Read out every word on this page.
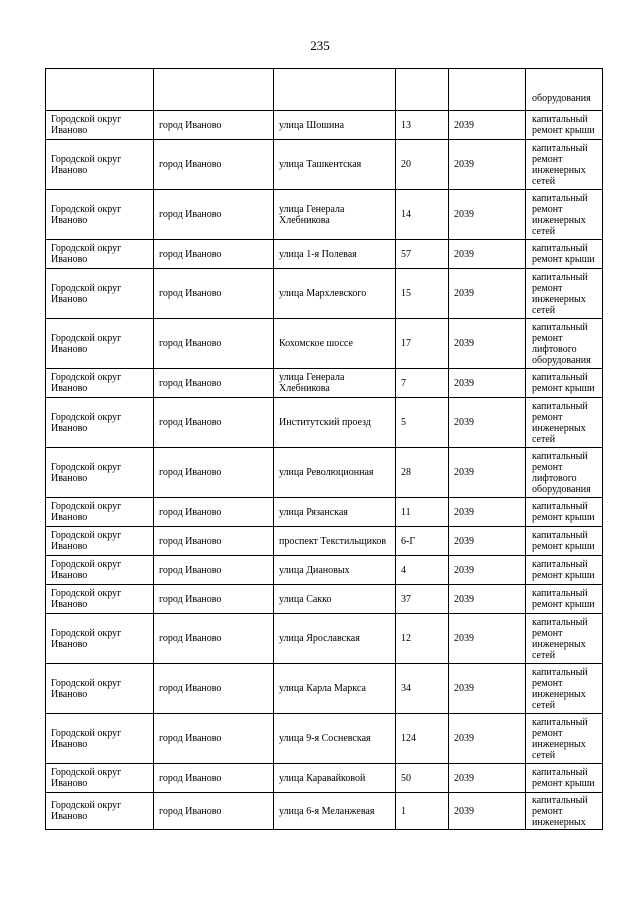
235
					оборудования
Городской округ Иваново	город Иваново	улица Шошина	13	2039	капитальный ремонт крыши
Городской округ Иваново	город Иваново	улица Ташкентская	20	2039	капитальный ремонт инженерных сетей
Городской округ Иваново	город Иваново	улица Генерала Хлебникова	14	2039	капитальный ремонт инженерных сетей
Городской округ Иваново	город Иваново	улица 1-я Полевая	57	2039	капитальный ремонт крыши
Городской округ Иваново	город Иваново	улица Мархлевского	15	2039	капитальный ремонт инженерных сетей
Городской округ Иваново	город Иваново	Кохомское шоссе	17	2039	капитальный ремонт лифтового оборудования
Городской округ Иваново	город Иваново	улица Генерала Хлебникова	7	2039	капитальный ремонт крыши
Городской округ Иваново	город Иваново	Институтский проезд	5	2039	капитальный ремонт инженерных сетей
Городской округ Иваново	город Иваново	улица Революционная	28	2039	капитальный ремонт лифтового оборудования
Городской округ Иваново	город Иваново	улица Рязанская	11	2039	капитальный ремонт крыши
Городской округ Иваново	город Иваново	проспект Текстильщиков	6-Г	2039	капитальный ремонт крыши
Городской округ Иваново	город Иваново	улица Диановых	4	2039	капитальный ремонт крыши
Городской округ Иваново	город Иваново	улица Сакко	37	2039	капитальный ремонт крыши
Городской округ Иваново	город Иваново	улица Ярославская	12	2039	капитальный ремонт инженерных сетей
Городской округ Иваново	город Иваново	улица Карла Маркса	34	2039	капитальный ремонт инженерных сетей
Городской округ Иваново	город Иваново	улица 9-я Сосневская	124	2039	капитальный ремонт инженерных сетей
Городской округ Иваново	город Иваново	улица Каравайковой	50	2039	капитальный ремонт крыши
Городской округ Иваново	город Иваново	улица 6-я Меланжевая	1	2039	капитальный ремонт инженерных
